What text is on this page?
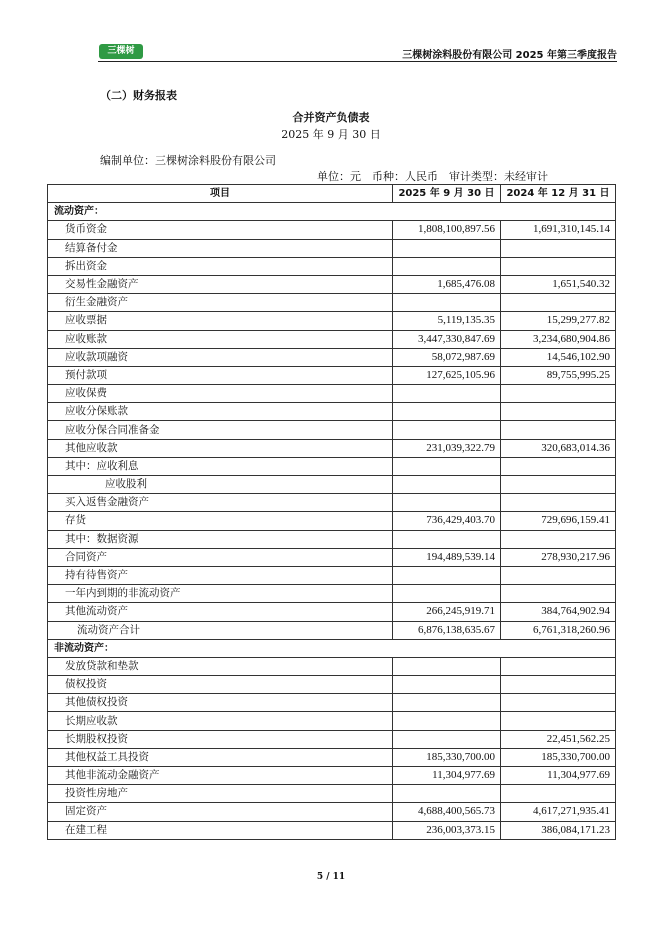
三棵树	三棵树涂料股份有限公司 2025 年第三季度报告
（二）财务报表
合并资产负债表
2025 年 9 月 30 日
编制单位：三棵树涂料股份有限公司
单位：元　币种：人民币　审计类型：未经审计
项目	2025 年 9 月 30 日	2024 年 12 月 31 日
流动资产：		
货币资金	1,808,100,897.56	1,691,310,145.14
结算备付金		
拆出资金		
交易性金融资产	1,685,476.08	1,651,540.32
衍生金融资产		
应收票据	5,119,135.35	15,299,277.82
应收账款	3,447,330,847.69	3,234,680,904.86
应收款项融资	58,072,987.69	14,546,102.90
预付款项	127,625,105.96	89,755,995.25
应收保费		
应收分保账款		
应收分保合同准备金		
其他应收款	231,039,322.79	320,683,014.36
其中：应收利息		
应收股利		
买入返售金融资产		
存货	736,429,403.70	729,696,159.41
其中：数据资源		
合同资产	194,489,539.14	278,930,217.96
持有待售资产		
一年内到期的非流动资产		
其他流动资产	266,245,919.71	384,764,902.94
流动资产合计	6,876,138,635.67	6,761,318,260.96
非流动资产：		
发放贷款和垫款		
债权投资		
其他债权投资		
长期应收款		
长期股权投资		22,451,562.25
其他权益工具投资	185,330,700.00	185,330,700.00
其他非流动金融资产	11,304,977.69	11,304,977.69
投资性房地产		
固定资产	4,688,400,565.73	4,617,271,935.41
在建工程	236,003,373.15	386,084,171.23
5 / 11
